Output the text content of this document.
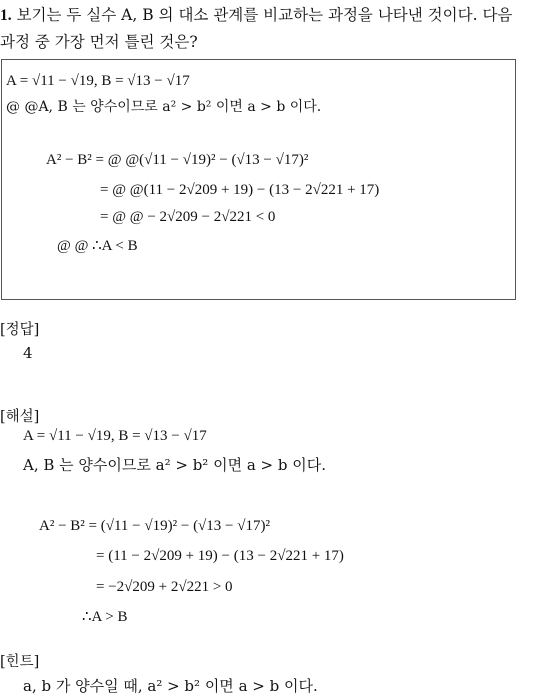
1. 보기는 두 실수 A, B 의 대소 관계를 비교하는 과정을 나타낸 것이다. 다음
과정 중 가장 먼저 틀린 것은?
A = √11 − √19, B = √13 − √17
@ @A, B 는 양수이므로 a² > b² 이면 a > b 이다.
A² − B² = @ @(√11 − √19)² − (√13 − √17)²
= @ @(11 − 2√209 + 19) − (13 − 2√221 + 17)
= @ @ − 2√209 − 2√221 < 0
@ @ ∴A < B
[정답]
4
[해설]
A = √11 − √19, B = √13 − √17
A, B 는 양수이므로 a² > b² 이면 a > b 이다.
A² − B² = (√11 − √19)² − (√13 − √17)²
= (11 − 2√209 + 19) − (13 − 2√221 + 17)
= −2√209 + 2√221 > 0
∴A > B
[힌트]
a, b 가 양수일 때, a² > b² 이면 a > b 이다.
